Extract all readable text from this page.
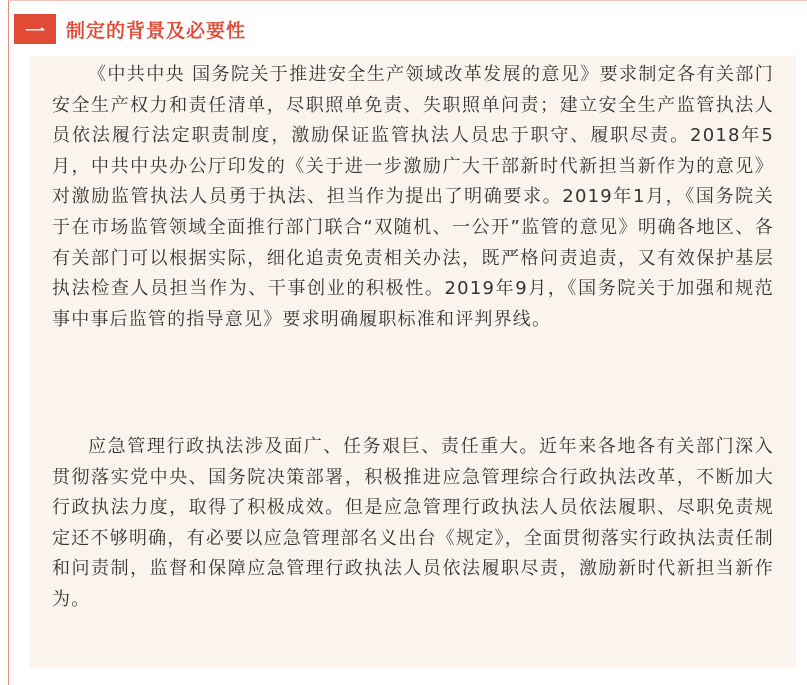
一	制定的背景及必要性

《中共中央 国务院关于推进安全生产领域改革发展的意见》要求制定各有关部门安全生产权力和责任清单，尽职照单免责、失职照单问责；建立安全生产监管执法人员依法履行法定职责制度，激励保证监管执法人员忠于职守、履职尽责。2018年5月，中共中央办公厅印发的《关于进一步激励广大干部新时代新担当新作为的意见》对激励监管执法人员勇于执法、担当作为提出了明确要求。2019年1月，《国务院关于在市场监管领域全面推行部门联合“双随机、一公开”监管的意见》明确各地区、各有关部门可以根据实际，细化追责免责相关办法，既严格问责追责，又有效保护基层执法检查人员担当作为、干事创业的积极性。2019年9月，《国务院关于加强和规范事中事后监管的指导意见》要求明确履职标准和评判界线。

应急管理行政执法涉及面广、任务艰巨、责任重大。近年来各地各有关部门深入贯彻落实党中央、国务院决策部署，积极推进应急管理综合行政执法改革，不断加大行政执法力度，取得了积极成效。但是应急管理行政执法人员依法履职、尽职免责规定还不够明确，有必要以应急管理部名义出台《规定》，全面贯彻落实行政执法责任制和问责制，监督和保障应急管理行政执法人员依法履职尽责，激励新时代新担当新作为。
